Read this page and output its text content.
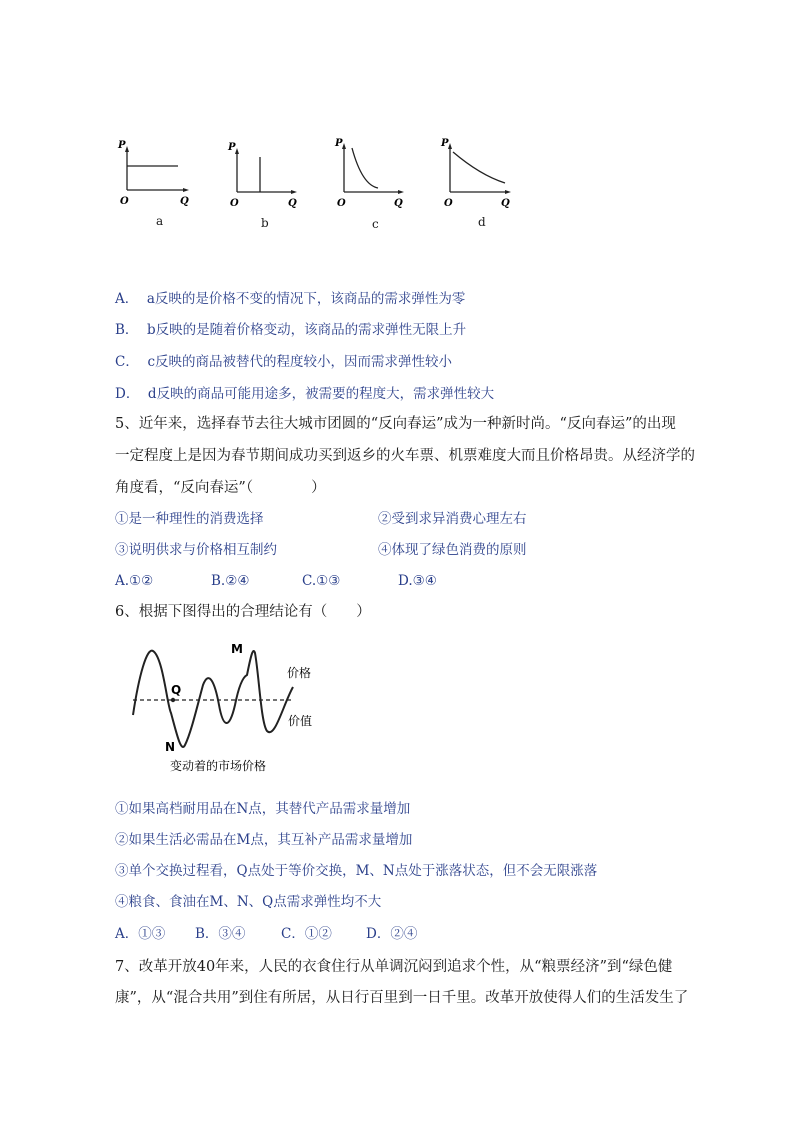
P
O	Q
P
O	Q
P
O	Q
P
O	Q
a	b	c	d
A． a反映的是价格不变的情况下，该商品的需求弹性为零
B． b反映的是随着价格变动，该商品的需求弹性无限上升
C． c反映的商品被替代的程度较小，因而需求弹性较小
D． d反映的商品可能用途多，被需要的程度大，需求弹性较大
5、近年来，选择春节去往大城市团圆的“反向春运”成为一种新时尚。“反向春运”的出现
一定程度上是因为春节期间成功买到返乡的火车票、机票难度大而且价格昂贵。从经济学的
角度看，“反向春运”（　　　　）
①是一种理性的消费选择	②受到求异消费心理左右
③说明供求与价格相互制约	④体现了绿色消费的原则
A.①②	B.②④	C.①③	D.③④
6、根据下图得出的合理结论有（　　）
M
Q
N
价格
价值
变动着的市场价格
①如果高档耐用品在N点，其替代产品需求量增加
②如果生活必需品在M点，其互补产品需求量增加
③单个交换过程看，Q点处于等价交换，M、N点处于涨落状态，但不会无限涨落
④粮食、食油在M、N、Q点需求弹性均不大
A．①③ B．③④	C．①②	D．②④
7、改革开放40年来，人民的衣食住行从单调沉闷到追求个性，从“粮票经济”到“绿色健
康”，从“混合共用”到住有所居，从日行百里到一日千里。改革开放使得人们的生活发生了
